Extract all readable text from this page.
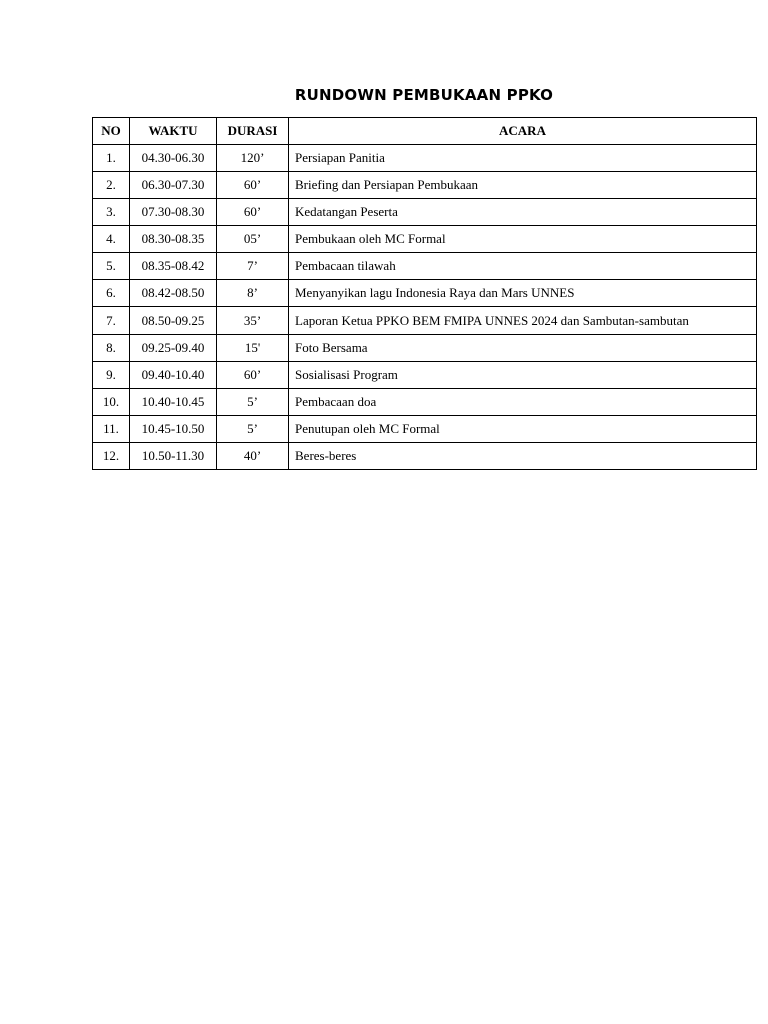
RUNDOWN PEMBUKAAN PPKO
NO	WAKTU	DURASI	ACARA
1.	04.30-06.30	120’	Persiapan Panitia
2.	06.30-07.30	60’	Briefing dan Persiapan Pembukaan
3.	07.30-08.30	60’	Kedatangan Peserta
4.	08.30-08.35	05’	Pembukaan oleh MC Formal
5.	08.35-08.42	7’	Pembacaan tilawah
6.	08.42-08.50	8’	Menyanyikan lagu Indonesia Raya dan Mars UNNES
7.	08.50-09.25	35’	Laporan Ketua PPKO BEM FMIPA UNNES 2024 dan Sambutan-sambutan
8.	09.25-09.40	15'	Foto Bersama
9.	09.40-10.40	60’	Sosialisasi Program
10.	10.40-10.45	5’	Pembacaan doa
11.	10.45-10.50	5’	Penutupan oleh MC Formal
12.	10.50-11.30	40’	Beres-beres
